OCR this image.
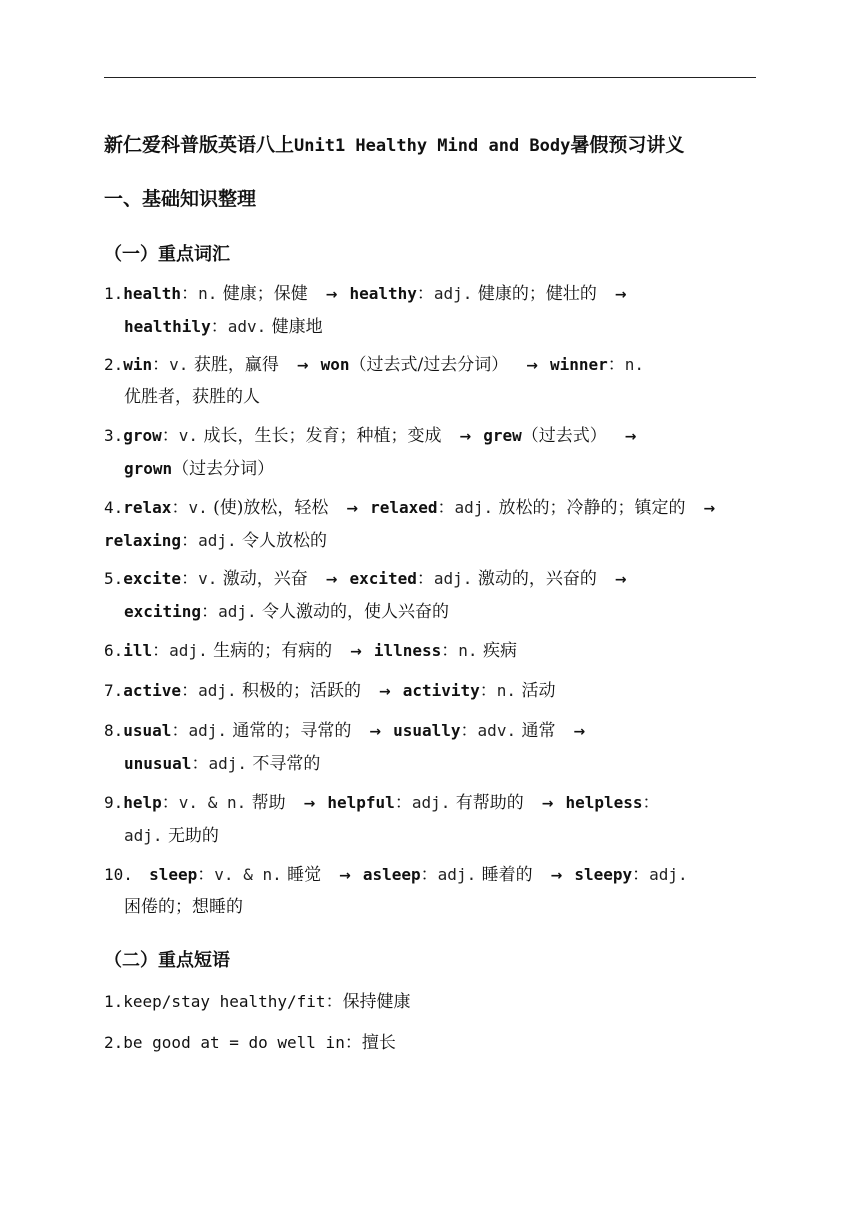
新仁爱科普版英语八上Unit1 Healthy Mind and Body暑假预习讲义
一、基础知识整理
（一）重点词汇
1.health：n. 健康；保健 → healthy：adj. 健康的；健壮的 →
healthily：adv. 健康地
2.win：v. 获胜，赢得 → won（过去式/过去分词） → winner：n.
优胜者，获胜的人
3.grow：v. 成长，生长；发育；种植；变成 → grew（过去式） →
grown（过去分词）
4.relax：v. (使)放松，轻松 → relaxed：adj. 放松的；冷静的；镇定的 →relaxing：adj. 令人放松的
5.excite：v. 激动，兴奋 → excited：adj. 激动的，兴奋的 →
exciting：adj. 令人激动的，使人兴奋的
6.ill：adj. 生病的；有病的 → illness：n. 疾病
7.active：adj. 积极的；活跃的 → activity：n. 活动
8.usual：adj. 通常的；寻常的 → usually：adv. 通常 →
unusual：adj. 不寻常的
9.help：v. & n. 帮助 → helpful：adj. 有帮助的 → helpless：
adj. 无助的
10. sleep：v. & n. 睡觉 → asleep：adj. 睡着的 → sleepy：adj.
困倦的；想睡的
（二）重点短语
1.keep/stay healthy/fit：保持健康
2.be good at = do well in：擅长
